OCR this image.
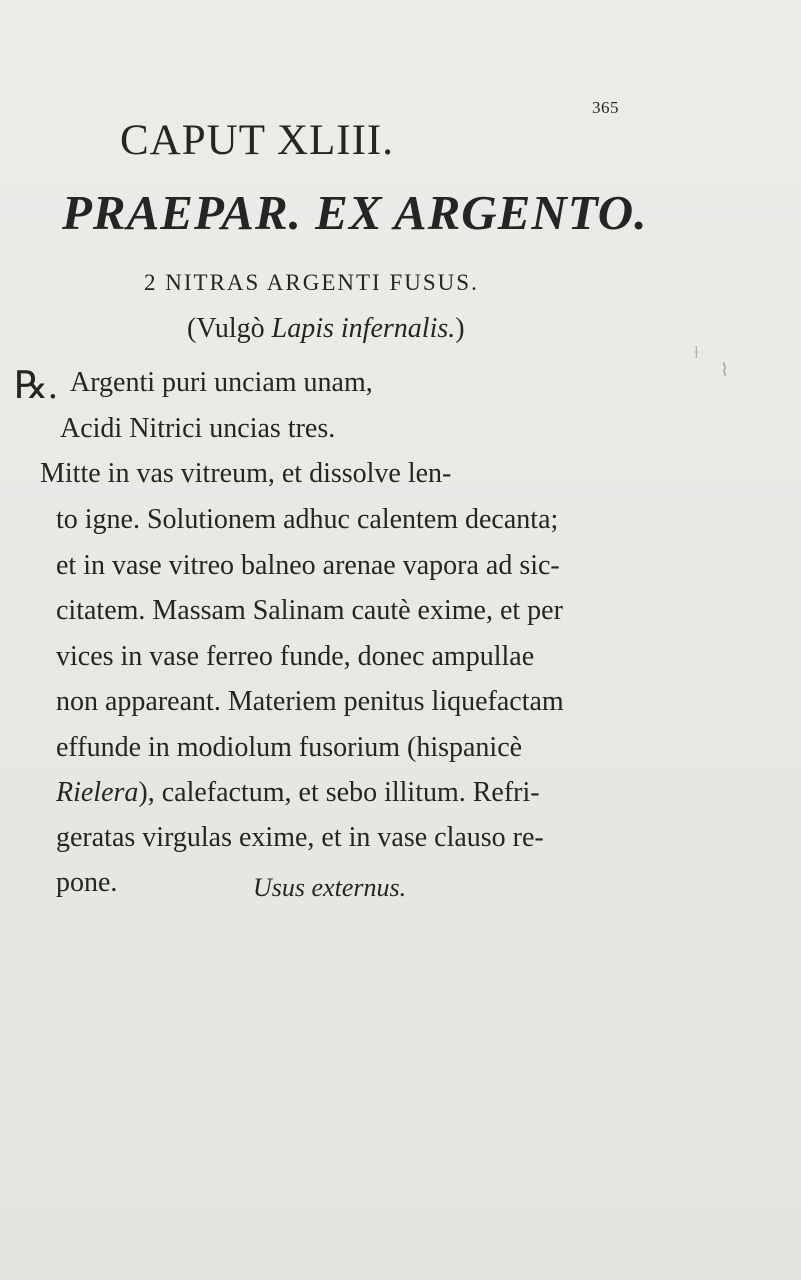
365
CAPUT XLIII.
PRAEPAR. EX ARGENTO.
2 NITRAS ARGENTI FUSUS.
(Vulgò Lapis infernalis.)
℞. Argenti puri unciam unam,
Acidi Nitrici uncias tres.
Mitte in vas vitreum, et dissolve len-
to igne. Solutionem adhuc calentem decanta;
et in vase vitreo balneo arenae vapora ad sic-
citatem. Massam Salinam cautè exime, et per
vices in vase ferreo funde, donec ampullae
non appareant. Materiem penitus liquefactam
effunde in modiolum fusorium (hispanicè
Rielera), calefactum, et sebo illitum. Refri-
geratas virgulas exime, et in vase clauso re-
pone.	Usus externus.
⟊
⌇
